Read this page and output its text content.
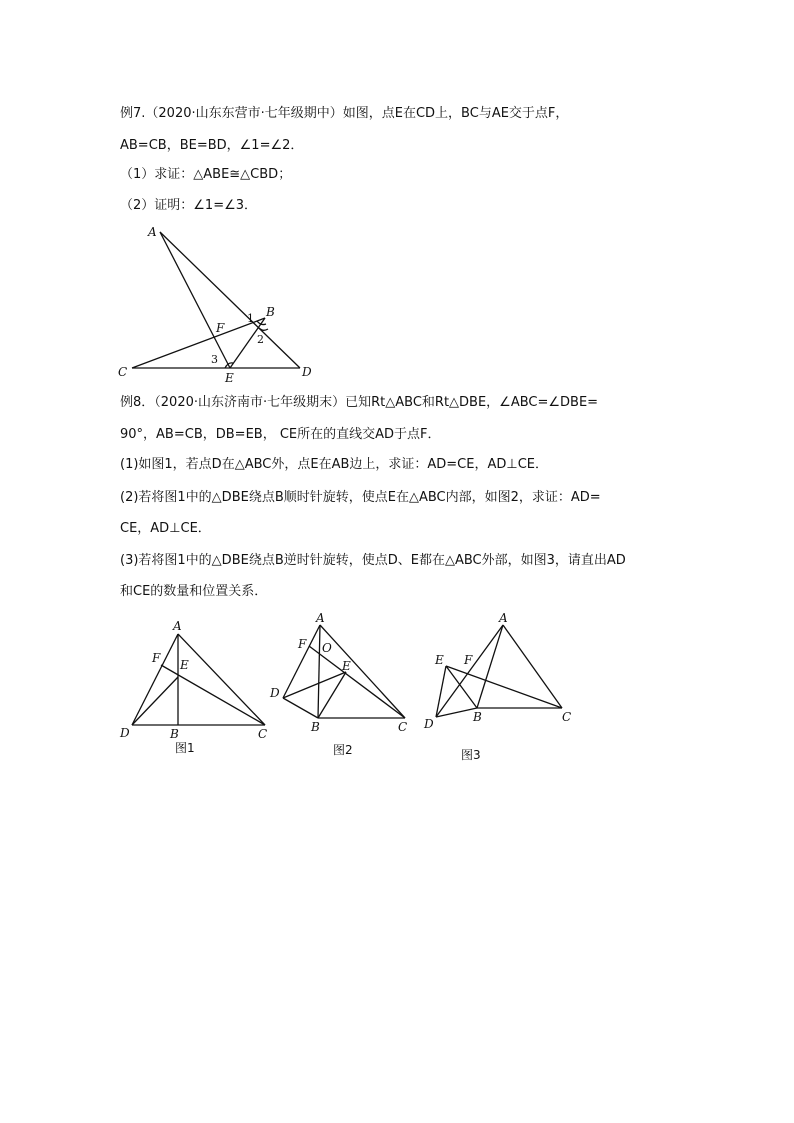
例7.（2020·山东东营市·七年级期中）如图，点E在CD上，BC与AE交于点F，
AB=CB，BE=BD，∠1=∠2．
（1）求证：△ABE≅△CBD；
（2）证明：∠1=∠3．
A
B
C	D
E
F
1
2
3
例8．（2020·山东济南市·七年级期末）已知Rt△ABC和Rt△DBE，∠ABC=∠DBE=
90°，AB=CB，DB=EB， CE所在的直线交AD于点F．
(1)如图1，若点D在△ABC外，点E在AB边上，求证：AD=CE，AD⊥CE．
(2)若将图1中的△DBE绕点B顺时针旋转，使点E在△ABC内部，如图2，求证：AD=
CE，AD⊥CE．
(3)若将图1中的△DBE绕点B逆时针旋转，使点D、E都在△ABC外部，如图3，请直出AD
和CE的数量和位置关系．
A
B	C
D
E
F
图1
A
B	C
D
E
F O
图2
A
B	C
D
E F
图3
